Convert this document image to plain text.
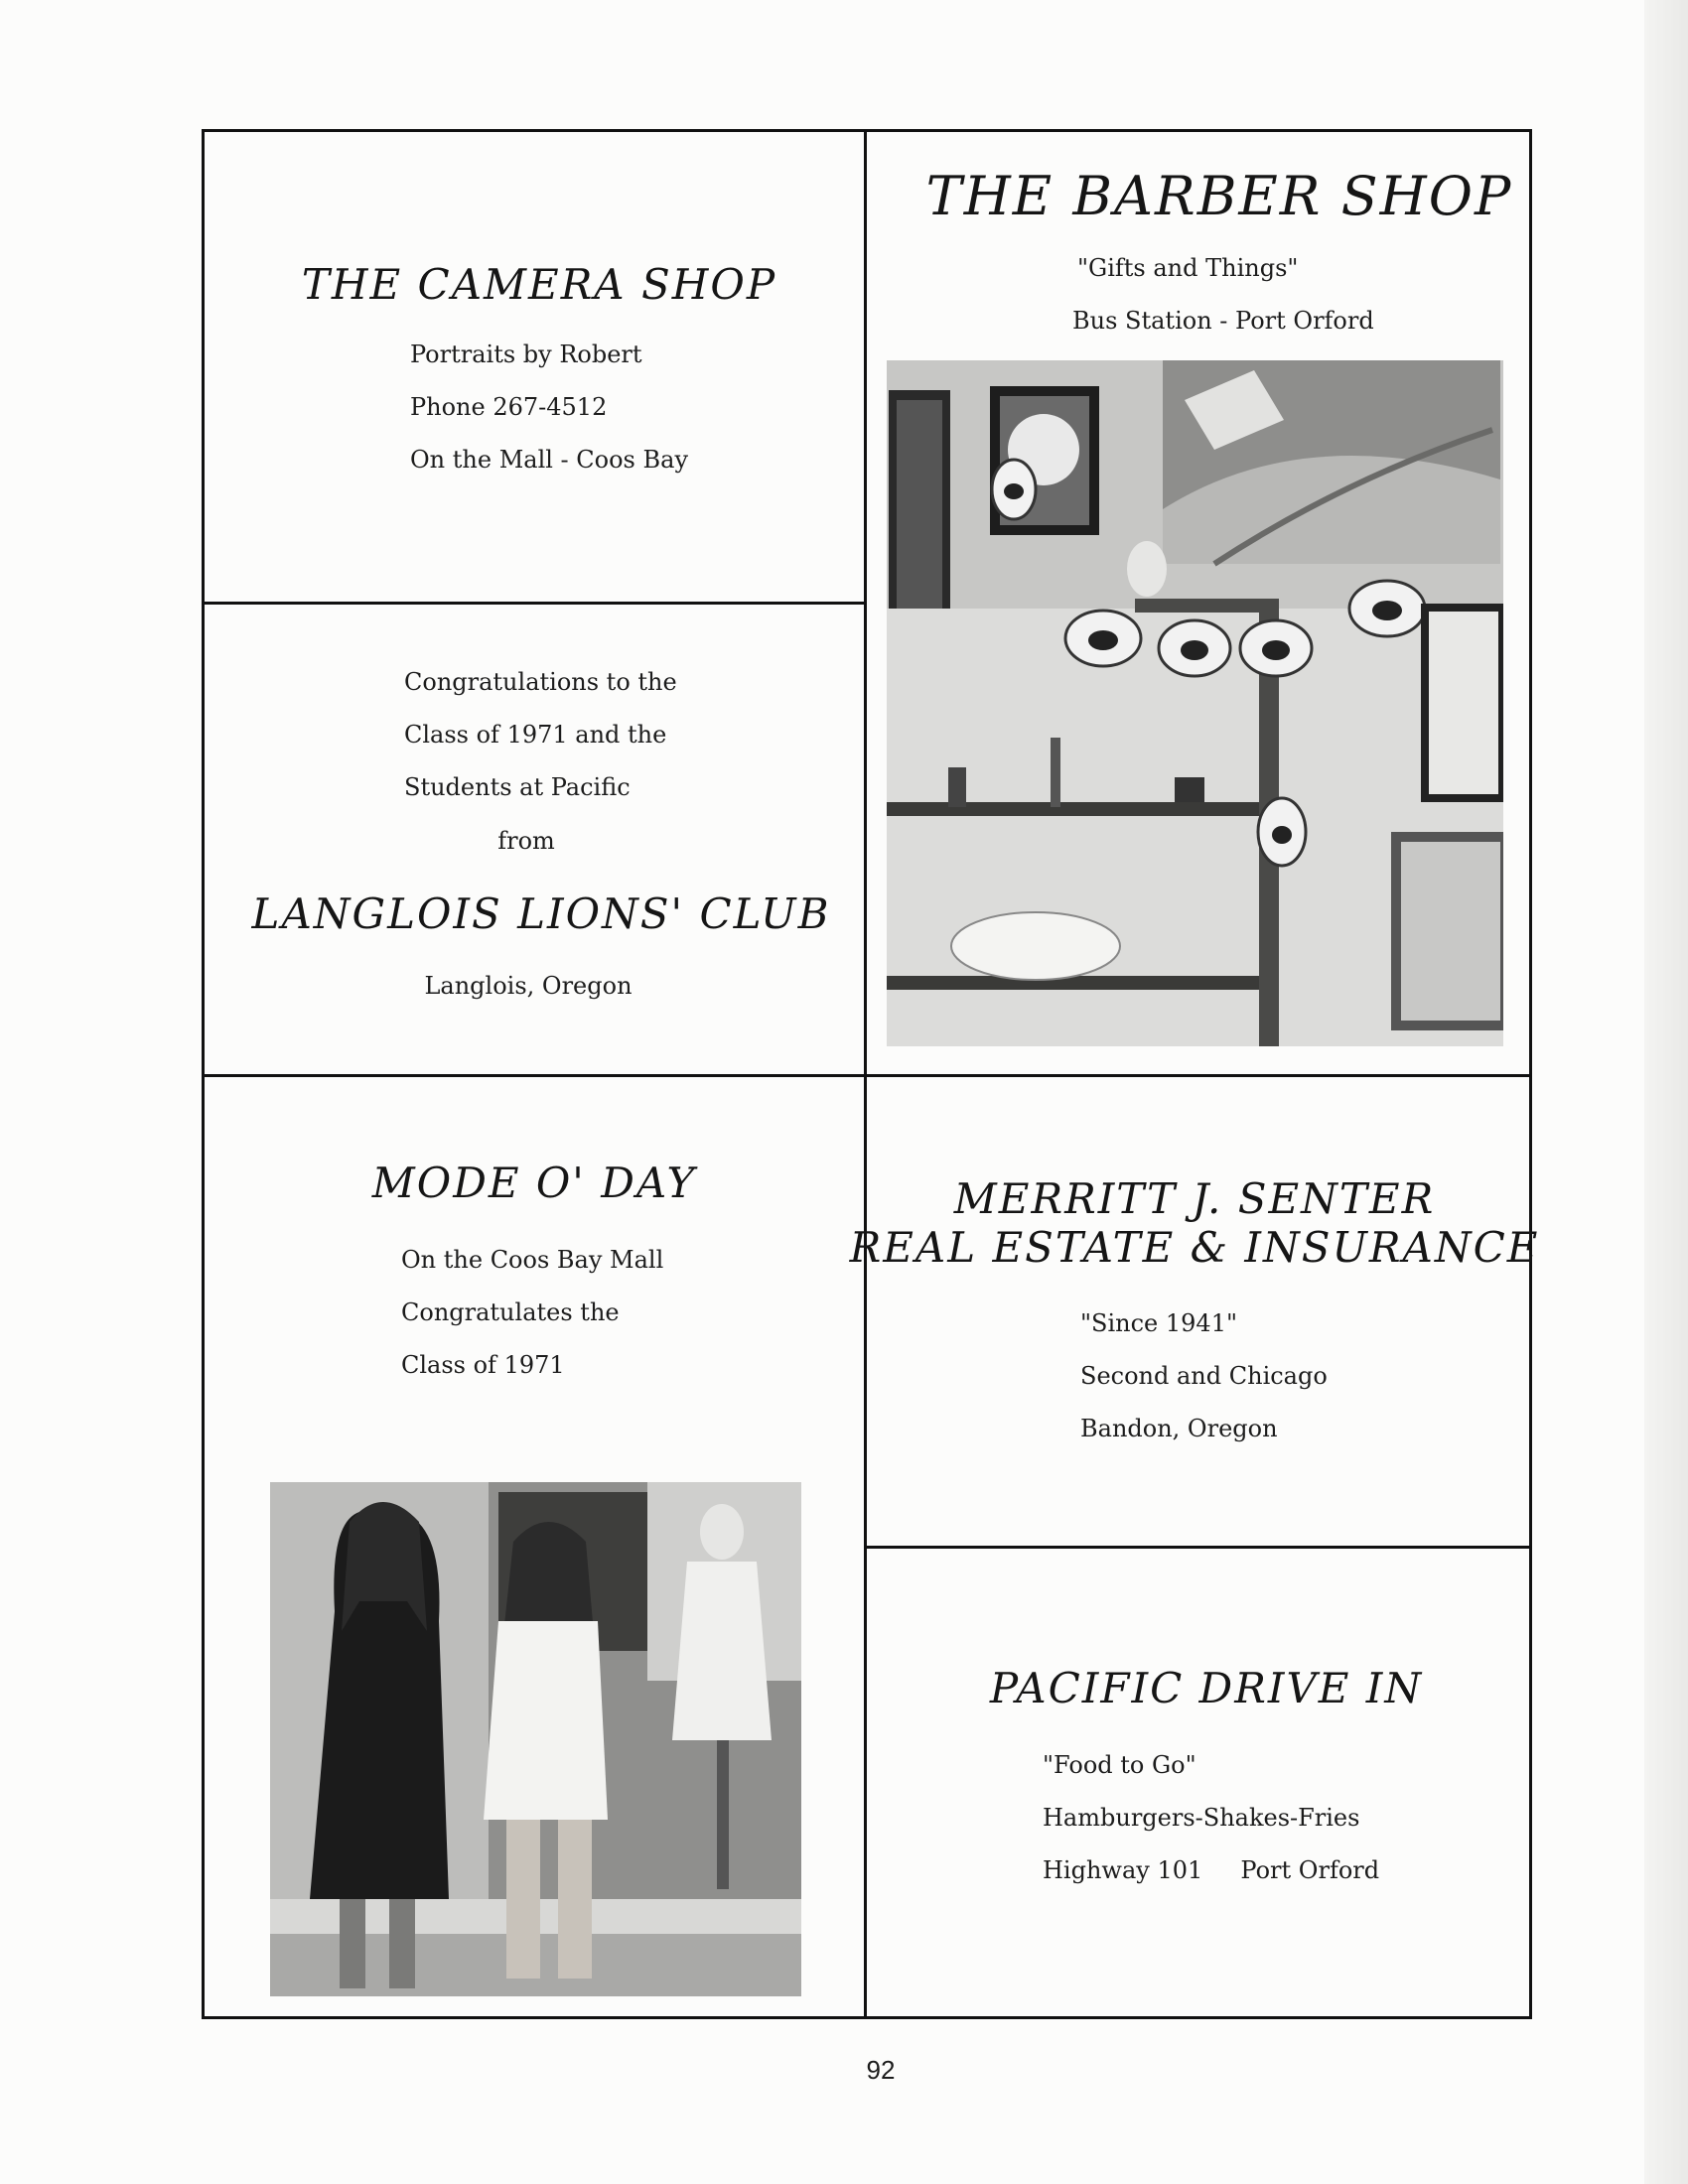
THE CAMERA SHOP
Portraits by Robert
Phone 267-4512
On the Mall - Coos Bay
THE BARBER SHOP
"Gifts and Things"
Bus Station - Port Orford
Congratulations to the
Class of 1971 and the
Students at Pacific
from
LANGLOIS LIONS' CLUB
Langlois, Oregon
MODE O' DAY
On the Coos Bay Mall
Congratulates the
Class of 1971
MERRITT J. SENTER
REAL ESTATE & INSURANCE
"Since 1941"
Second and Chicago
Bandon, Oregon
PACIFIC DRIVE IN
"Food to Go"
Hamburgers-Shakes-Fries
Highway 101     Port Orford
92
